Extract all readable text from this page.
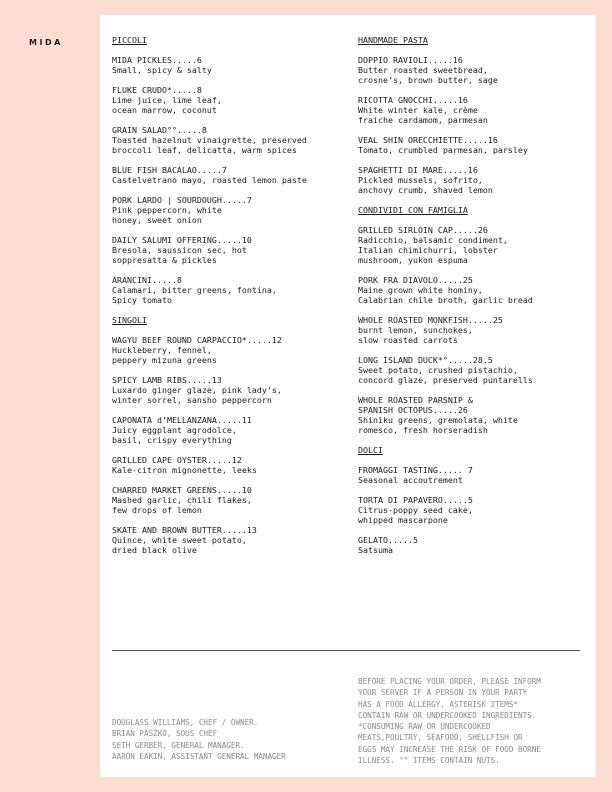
MIDA	PICCOLI
MIDA PICKLES.....6
Small, spicy & salty
FLUKE CRUDO*.....8
Lime juice, lime leaf,
ocean marrow, coconut
GRAIN SALAD°°.....8
Toasted hazelnut vinaigrette, preserved
broccoli leaf, delicatta, warm spices
BLUE FISH BACALAO.....7
Castelvetrano mayo, roasted lemon paste
PORK LARDO | SOURDOUGH.....7
Pink peppercorn, white
honey, sweet onion
DAILY SALUMI OFFERING.....10
Bresola, saussicon sec, hot
soppresatta & pickles
ARANCINI.....8
Calamari, bitter greens, fontina,
Spicy tomato
SINGOLI
WAGYU BEEF ROUND CARPACCIO*.....12
Huckleberry, fennel,
peppery mizuna greens
SPICY LAMB RIBS.....13
Luxardo ginger glaze, pink lady’s,
winter sorrel, sansho peppercorn
CAPONATA d’MELLANZANA.....11
Juicy eggplant agrodolce,
basil, crispy everything
GRILLED CAPE OYSTER.....12
Kale-citron mignonette, leeks
CHARRED MARKET GREENS.....10
Mashed garlic, chili flakes,
few drops of lemon
SKATE AND BROWN BUTTER.....13
Quince, white sweet potato,
dried black olive
HANDMADE PASTA
DOPPIO RAVIOLI.....16
Butter roasted sweetbread,
crosne’s, brown butter, sage
RICOTTA GNOCCHI.....16
White winter kale, crème
fraiche cardamom, parmesan
VEAL SHIN ORECCHIETTE.....16
Tomato, crumbled parmesan, parsley
SPAGHETTI DI MARE.....16
Pickled mussels, sofrito,
anchovy crumb, shaved lemon
CONDIVIDI CON FAMIGLIA
GRILLED SIRLOIN CAP.....26
Radicchio, balsamic condiment,
Italian chimichurri, lobster
mushroom, yukon espuma
PORK FRA DIAVOLO.....25
Maine grown white hominy,
Calabrian chile broth, garlic bread
WHOLE ROASTED MONKFISH.....25
burnt lemon, sunchokes,
slow roasted carrots
LONG ISLAND DUCK*°.....28.5
Sweet potato, crushed pistachio,
concord glaze, preserved puntarells
WHOLE ROASTED PARSNIP &
SPANISH OCTOPUS.....26
Shiniku greens, gremolata, white
romesco, fresh horseradish
DOLCI
FROMAGGI TASTING..... 7
Seasonal accoutrement
TORTA DI PAPAVERO.....5
Citrus-poppy seed cake,
whipped mascarpone
GELATO.....5
Satsuma
DOUGLASS WILLIAMS, CHEF / OWNER.
BRIAN PASZKO, SOUS CHEF
SETH GERBER, GENERAL MANAGER.
AARON EAKIN, ASSISTANT GENERAL MANAGER
BEFORE PLACING YOUR ORDER, PLEASE INFORM
YOUR SERVER IF A PERSON IN YOUR PARTY
HAS A FOOD ALLERGY. ASTERISK ITEMS*
CONTAIN RAW OR UNDERCOOKED INGREDIENTS.
*CONSUMING RAW OR UNDERCOOKED
MEATS,POULTRY, SEAFOOD, SHELLFISH OR
EGGS MAY INCREASE THE RISK OF FOOD BORNE
ILLNESS. °° ITEMS CONTAIN NUTS.
